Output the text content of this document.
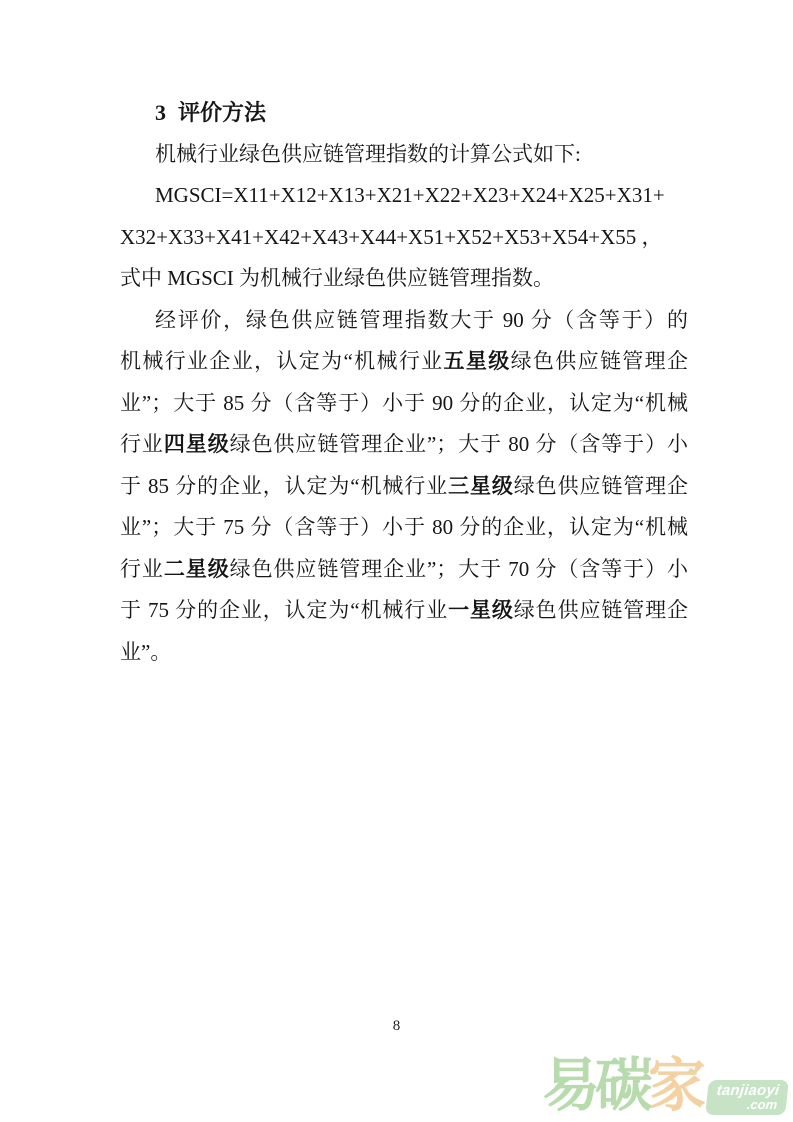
3 评价方法
机械行业绿色供应链管理指数的计算公式如下:
MGSCI=X11+X12+X13+X21+X22+X23+X24+X25+X31+
X32+X33+X41+X42+X43+X44+X51+X52+X53+X54+X55 ，
式中 MGSCI 为机械行业绿色供应链管理指数。
经评价，绿色供应链管理指数大于 90 分（含等于）的
机械行业企业，认定为“机械行业五星级绿色供应链管理企
业”；大于 85 分（含等于）小于 90 分的企业，认定为“机械
行业四星级绿色供应链管理企业”；大于 80 分（含等于）小
于 85 分的企业，认定为“机械行业三星级绿色供应链管理企
业”；大于 75 分（含等于）小于 80 分的企业，认定为“机械
行业二星级绿色供应链管理企业”；大于 70 分（含等于）小
于 75 分的企业，认定为“机械行业一星级绿色供应链管理企
业”。
8
易 碳 家 tanjiaoyi
.com
